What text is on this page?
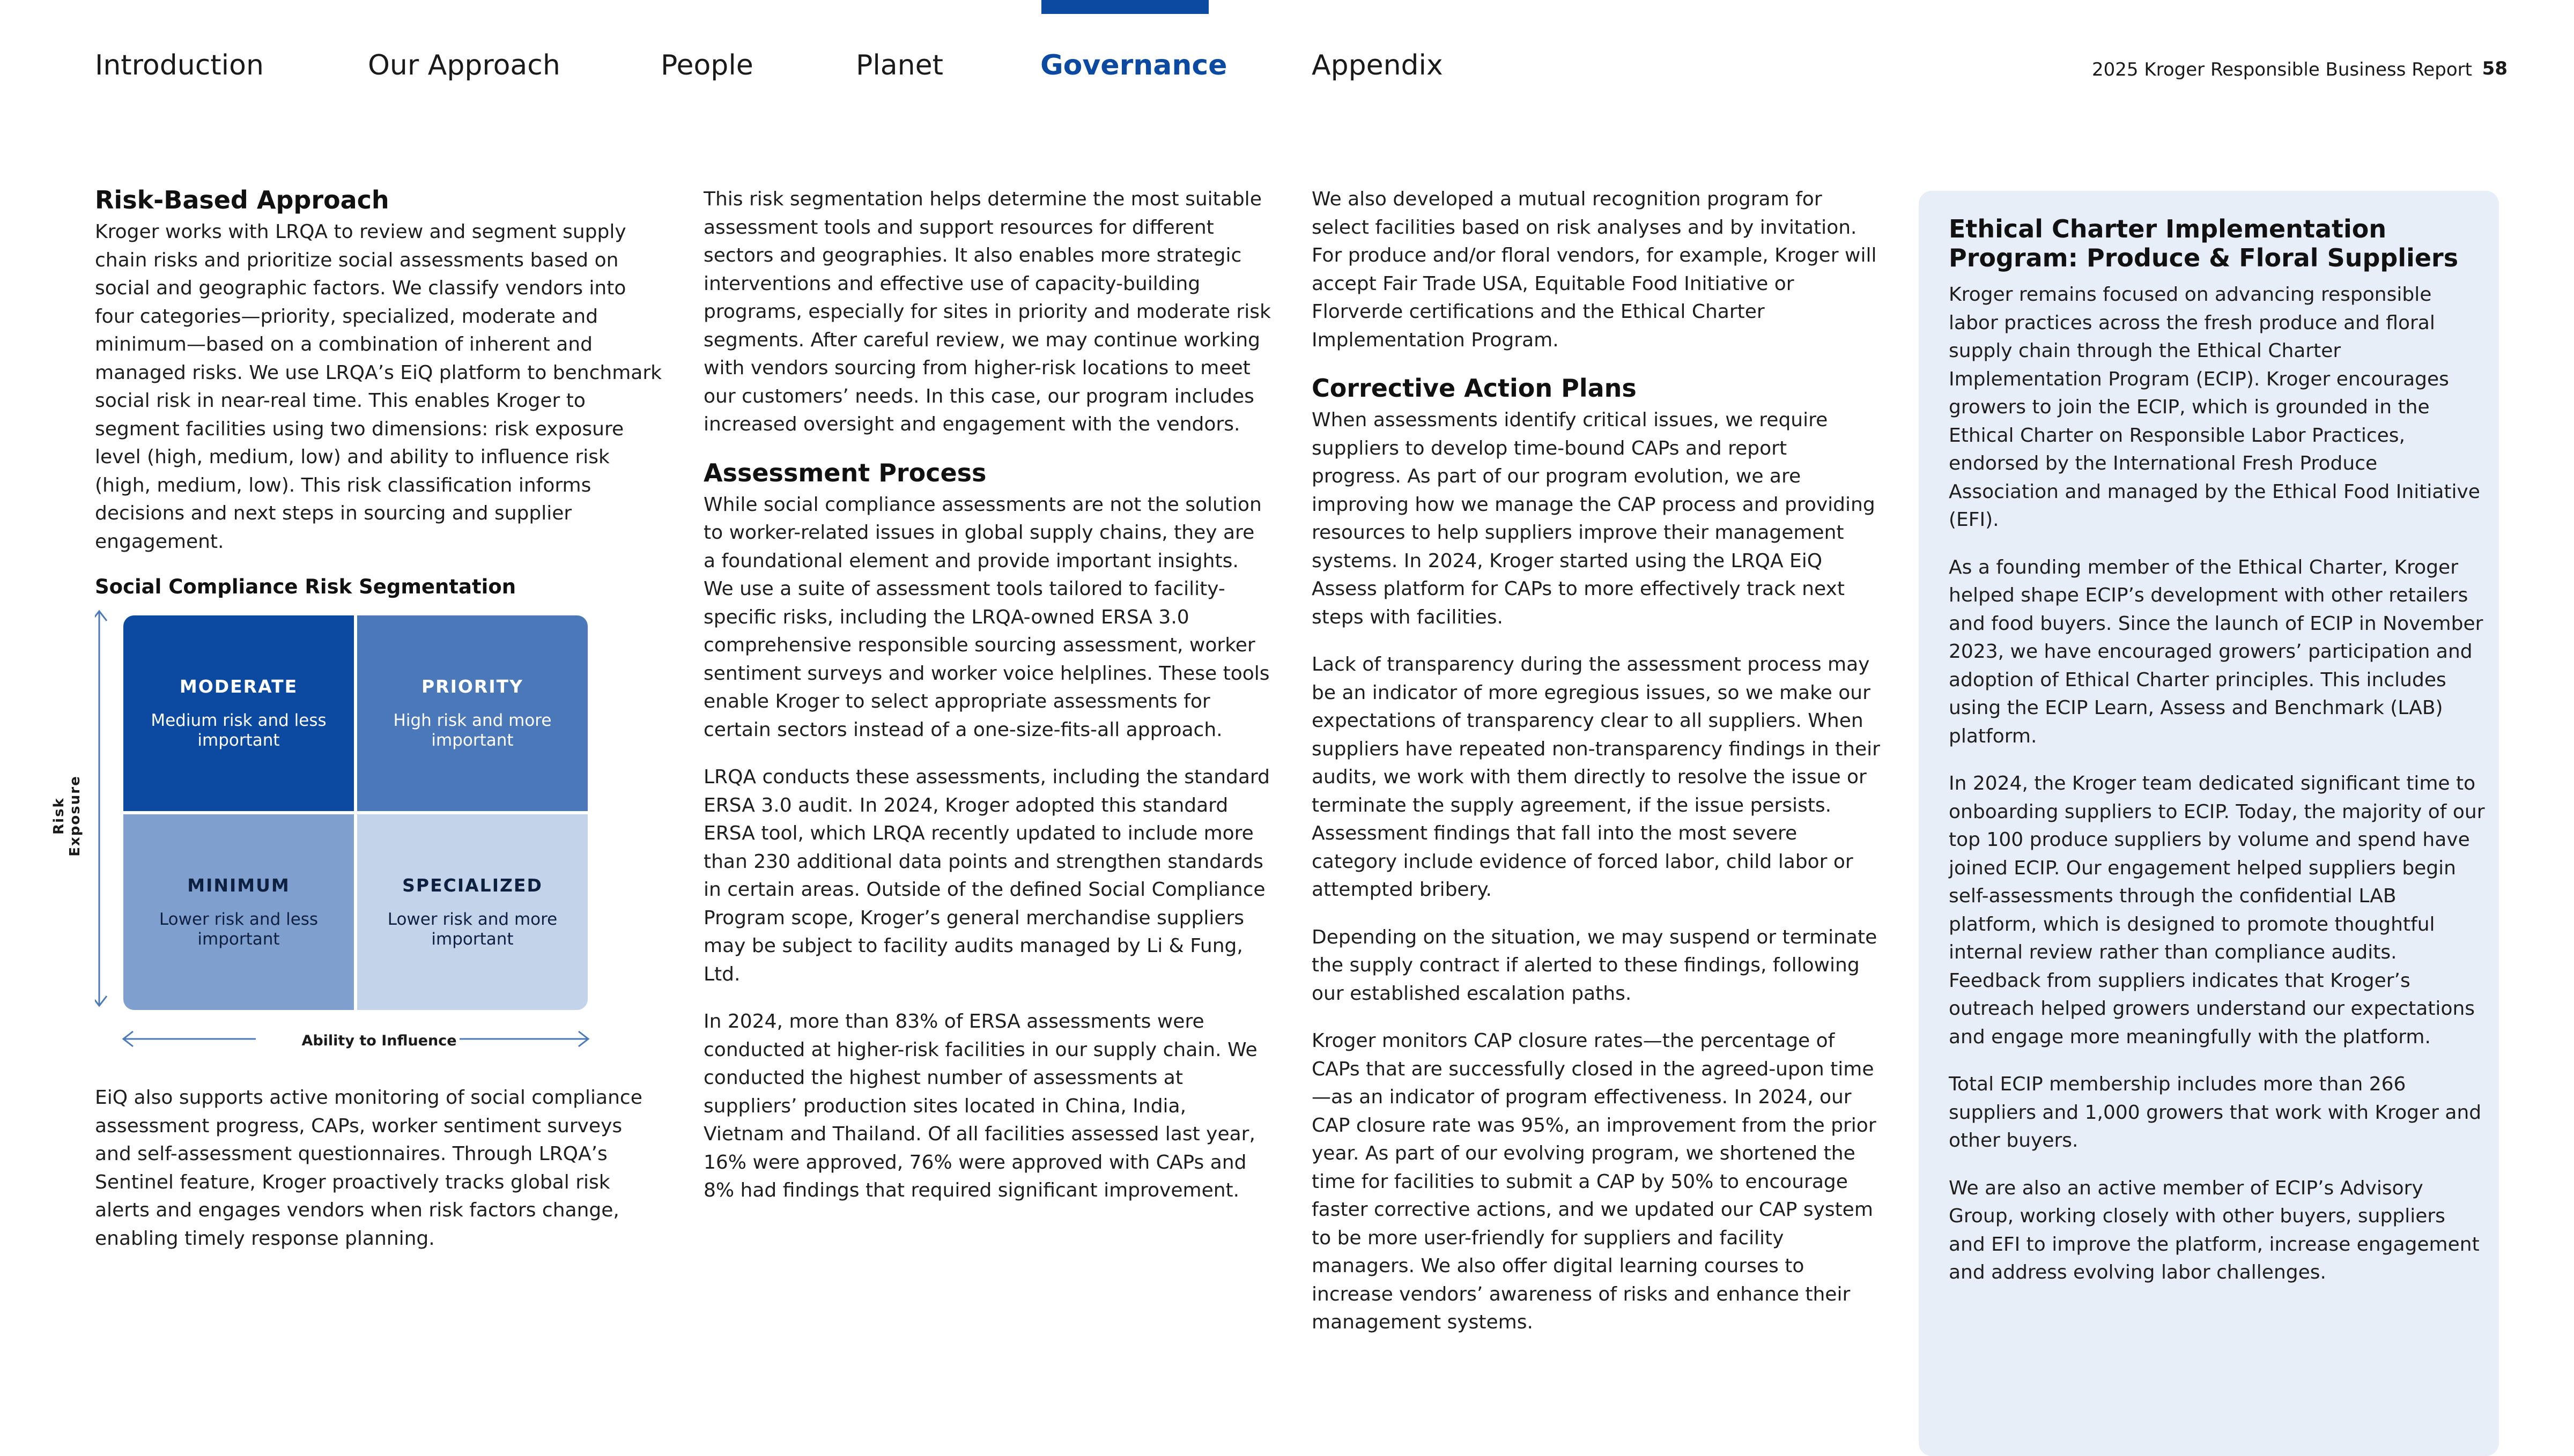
Introduction	Our Approach	People	Planet	Governance	Appendix	2025 Kroger Responsible Business Report 58
Risk-Based Approach

Kroger works with LRQA to review and segment supply chain risks and prioritize social assessments based on social and geographic factors. We classify vendors into four categories—priority, specialized, moderate and minimum—based on a combination of inherent and managed risks. We use LRQA’s EiQ platform to benchmark social risk in near-real time. This enables Kroger to segment facilities using two dimensions: risk exposure level (high, medium, low) and ability to influence risk (high, medium, low). This risk classification informs decisions and next steps in sourcing and supplier engagement.

Social Compliance Risk Segmentation
MODERATE
Medium risk and less important
PRIORITY
High risk and more important
MINIMUM
Lower risk and less important
SPECIALIZED
Lower risk and more important
Risk Exposure
Ability to Influence

EiQ also supports active monitoring of social compliance assessment progress, CAPs, worker sentiment surveys and self-assessment questionnaires. Through LRQA’s Sentinel feature, Kroger proactively tracks global risk alerts and engages vendors when risk factors change, enabling timely response planning.

This risk segmentation helps determine the most suitable assessment tools and support resources for different sectors and geographies. It also enables more strategic interventions and effective use of capacity-building programs, especially for sites in priority and moderate risk segments. After careful review, we may continue working with vendors sourcing from higher-risk locations to meet our customers’ needs. In this case, our program includes increased oversight and engagement with the vendors.

Assessment Process

While social compliance assessments are not the solution to worker-related issues in global supply chains, they are a foundational element and provide important insights. We use a suite of assessment tools tailored to facility-specific risks, including the LRQA-owned ERSA 3.0 comprehensive responsible sourcing assessment, worker sentiment surveys and worker voice helplines. These tools enable Kroger to select appropriate assessments for certain sectors instead of a one-size-fits-all approach.

LRQA conducts these assessments, including the standard ERSA 3.0 audit. In 2024, Kroger adopted this standard ERSA tool, which LRQA recently updated to include more than 230 additional data points and strengthen standards in certain areas. Outside of the defined Social Compliance Program scope, Kroger’s general merchandise suppliers may be subject to facility audits managed by Li & Fung, Ltd.

In 2024, more than 83% of ERSA assessments were conducted at higher-risk facilities in our supply chain. We conducted the highest number of assessments at suppliers’ production sites located in China, India, Vietnam and Thailand. Of all facilities assessed last year, 16% were approved, 76% were approved with CAPs and 8% had findings that required significant improvement.

We also developed a mutual recognition program for select facilities based on risk analyses and by invitation. For produce and/or floral vendors, for example, Kroger will accept Fair Trade USA, Equitable Food Initiative or Florverde certifications and the Ethical Charter Implementation Program.

Corrective Action Plans

When assessments identify critical issues, we require suppliers to develop time-bound CAPs and report progress. As part of our program evolution, we are improving how we manage the CAP process and providing resources to help suppliers improve their management systems. In 2024, Kroger started using the LRQA EiQ Assess platform for CAPs to more effectively track next steps with facilities.

Lack of transparency during the assessment process may be an indicator of more egregious issues, so we make our expectations of transparency clear to all suppliers. When suppliers have repeated non-transparency findings in their audits, we work with them directly to resolve the issue or terminate the supply agreement, if the issue persists. Assessment findings that fall into the most severe category include evidence of forced labor, child labor or attempted bribery.

Depending on the situation, we may suspend or terminate the supply contract if alerted to these findings, following our established escalation paths.

Kroger monitors CAP closure rates—the percentage of CAPs that are successfully closed in the agreed-upon time—as an indicator of program effectiveness. In 2024, our CAP closure rate was 95%, an improvement from the prior year. As part of our evolving program, we shortened the time for facilities to submit a CAP by 50% to encourage faster corrective actions, and we updated our CAP system to be more user-friendly for suppliers and facility managers. We also offer digital learning courses to increase vendors’ awareness of risks and enhance their management systems.

Ethical Charter Implementation Program: Produce & Floral Suppliers

Kroger remains focused on advancing responsible labor practices across the fresh produce and floral supply chain through the Ethical Charter Implementation Program (ECIP). Kroger encourages growers to join the ECIP, which is grounded in the Ethical Charter on Responsible Labor Practices, endorsed by the International Fresh Produce Association and managed by the Ethical Food Initiative (EFI).

As a founding member of the Ethical Charter, Kroger helped shape ECIP’s development with other retailers and food buyers. Since the launch of ECIP in November 2023, we have encouraged growers’ participation and adoption of Ethical Charter principles. This includes using the ECIP Learn, Assess and Benchmark (LAB) platform.

In 2024, the Kroger team dedicated significant time to onboarding suppliers to ECIP. Today, the majority of our top 100 produce suppliers by volume and spend have joined ECIP. Our engagement helped suppliers begin self-assessments through the confidential LAB platform, which is designed to promote thoughtful internal review rather than compliance audits. Feedback from suppliers indicates that Kroger’s outreach helped growers understand our expectations and engage more meaningfully with the platform.

Total ECIP membership includes more than 266 suppliers and 1,000 growers that work with Kroger and other buyers.

We are also an active member of ECIP’s Advisory Group, working closely with other buyers, suppliers and EFI to improve the platform, increase engagement and address evolving labor challenges.
